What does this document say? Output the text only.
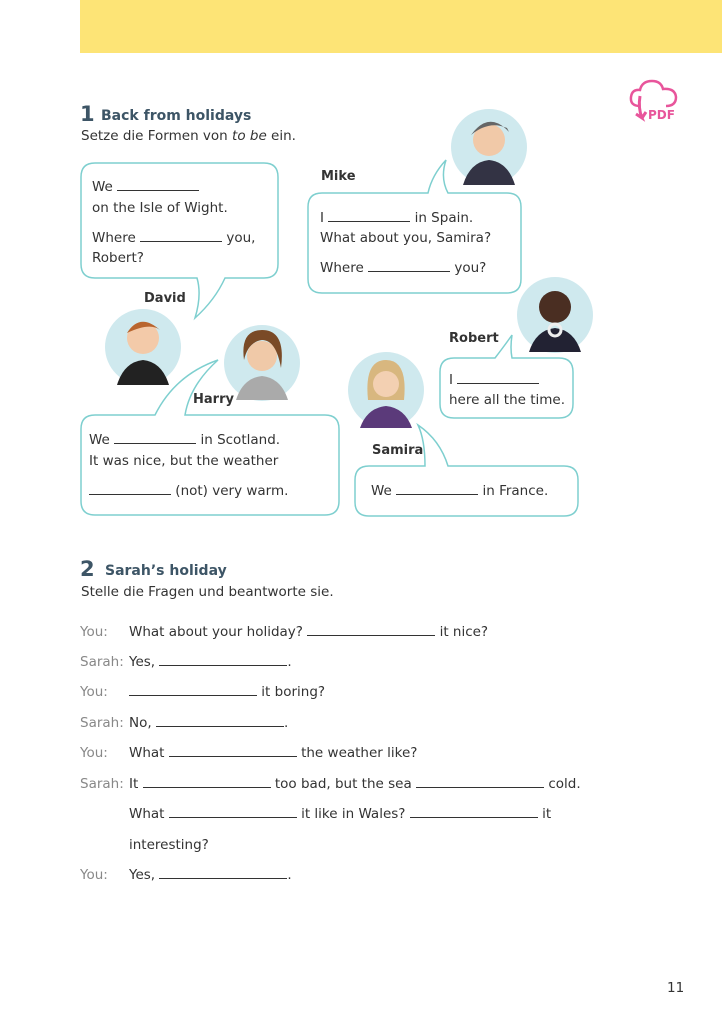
PDF
1 Back from holidays
Setze die Formen von to be ein.
Mike
David
Harry
Robert
Samira
We
on the Isle of Wight.
Where	you,
Robert?
I	in Spain.
What about you, Samira?
Where	you?
We	in Scotland.
It was nice, but the weather
(not) very warm.
I
here all the time.
We	in France.
2 Sarah’s holiday
Stelle die Fragen und beantworte sie.
You: What about your holiday?	it nice?
Sarah: Yes,	.
You:	it boring?
Sarah: No,	.
You: What	the weather like?
Sarah: It	too bad, but the sea	cold.
What	it like in Wales?	it
interesting?
You: Yes,	.
11
